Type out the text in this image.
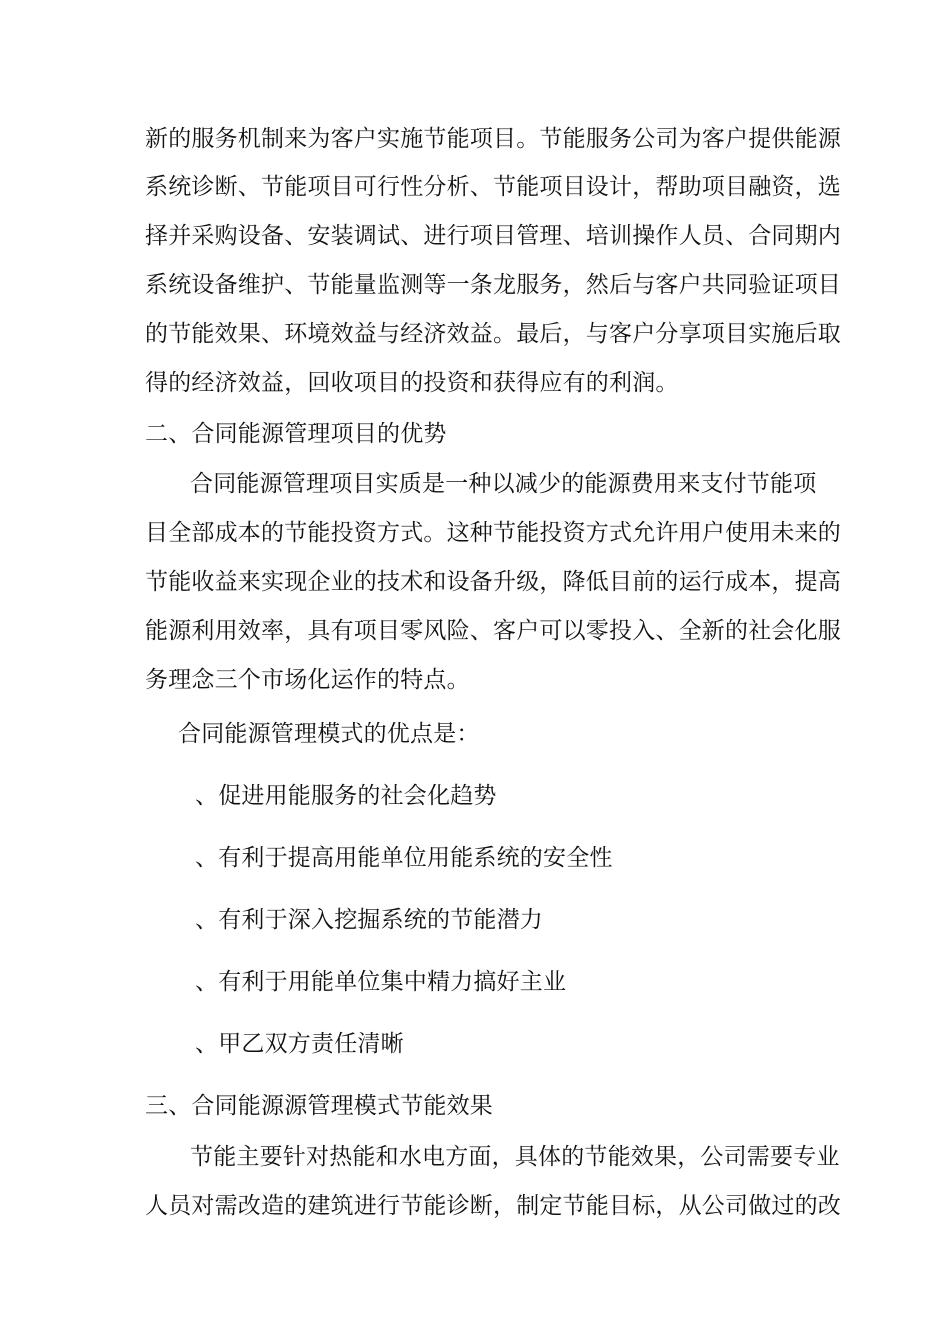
新的服务机制来为客户实施节能项目。节能服务公司为客户提供能源
系统诊断、节能项目可行性分析、节能项目设计，帮助项目融资，选
择并采购设备、安装调试、进行项目管理、培训操作人员、合同期内
系统设备维护、节能量监测等一条龙服务，然后与客户共同验证项目
的节能效果、环境效益与经济效益。最后，与客户分享项目实施后取
得的经济效益，回收项目的投资和获得应有的利润。
二、合同能源管理项目的优势
合同能源管理项目实质是一种以减少的能源费用来支付节能项
目全部成本的节能投资方式。这种节能投资方式允许用户使用未来的
节能收益来实现企业的技术和设备升级，降低目前的运行成本，提高
能源利用效率，具有项目零风险、客户可以零投入、全新的社会化服
务理念三个市场化运作的特点。
合同能源管理模式的优点是：
、促进用能服务的社会化趋势
、有利于提高用能单位用能系统的安全性
、有利于深入挖掘系统的节能潜力
、有利于用能单位集中精力搞好主业
、甲乙双方责任清晰
三、合同能源源管理模式节能效果
节能主要针对热能和水电方面，具体的节能效果，公司需要专业
人员对需改造的建筑进行节能诊断，制定节能目标，从公司做过的改
